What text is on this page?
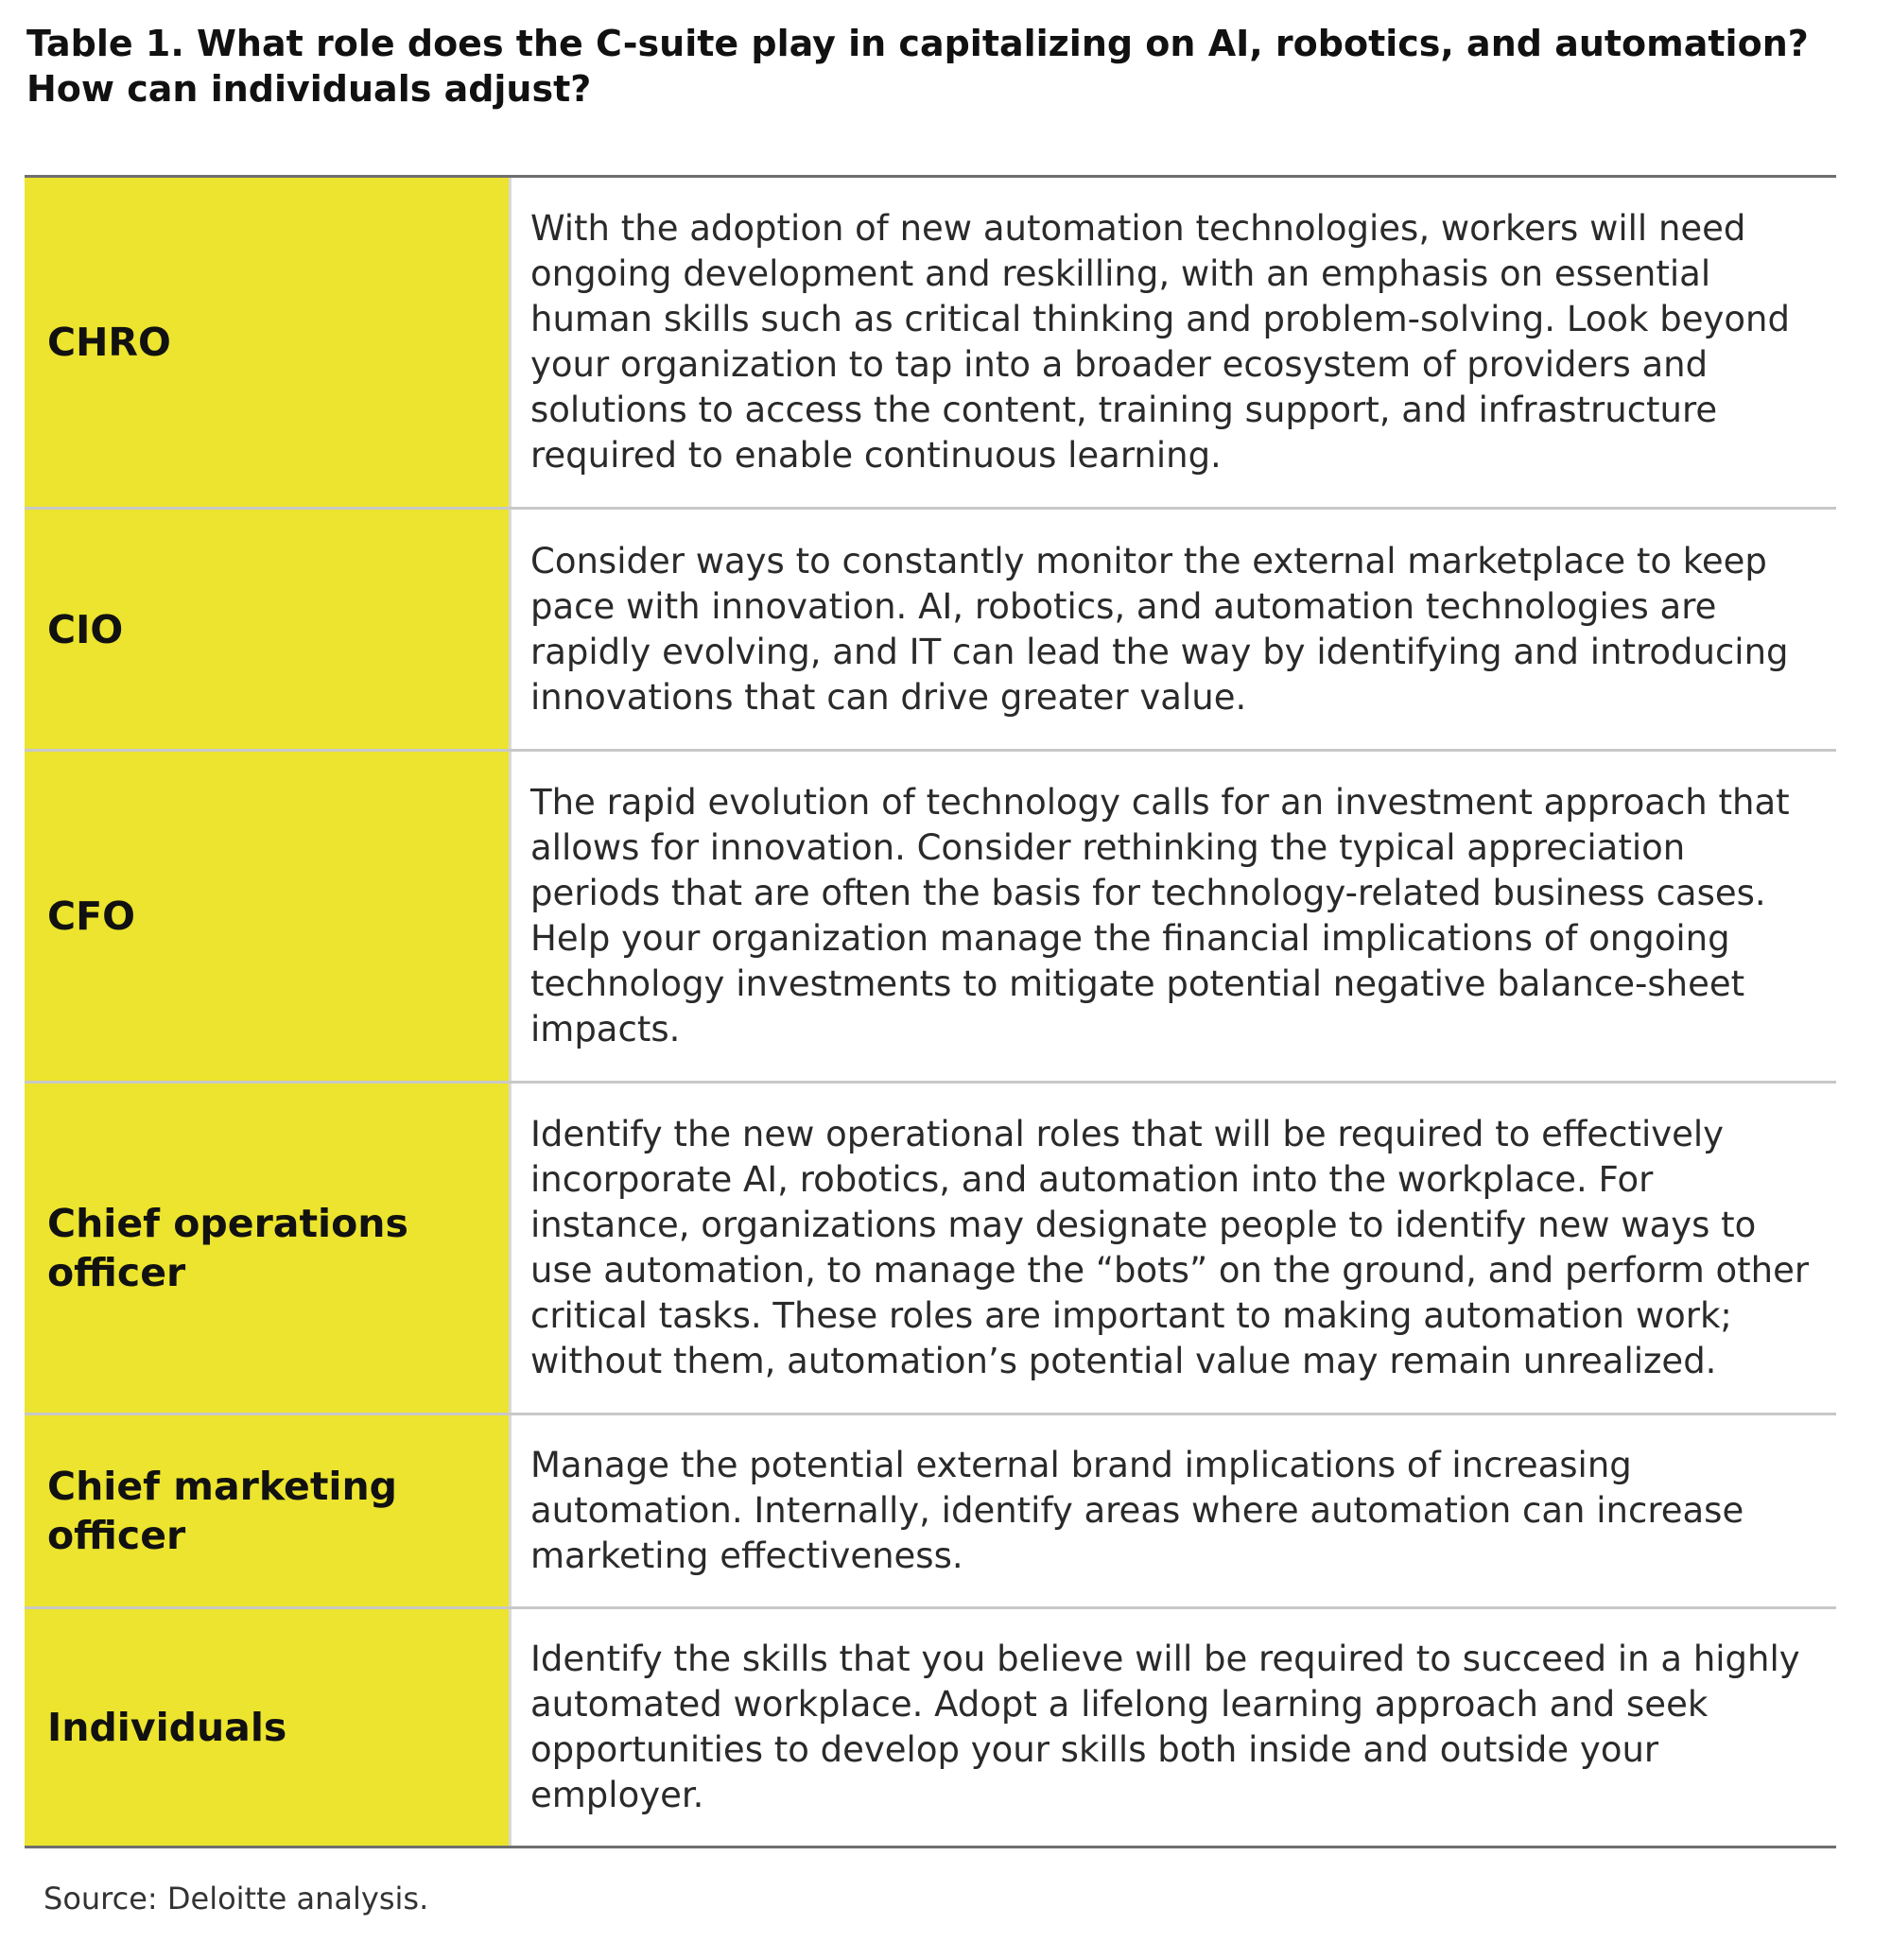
Table 1. What role does the C-suite play in capitalizing on AI, robotics, and automation? How can individuals adjust?
CHRO
With the adoption of new automation technologies, workers will need ongoing development and reskilling, with an emphasis on essential human skills such as critical thinking and problem-solving. Look beyond your organization to tap into a broader ecosystem of providers and solutions to access the content, training support, and infrastructure required to enable continuous learning.
CIO
Consider ways to constantly monitor the external marketplace to keep pace with innovation. AI, robotics, and automation technologies are rapidly evolving, and IT can lead the way by identifying and introducing innovations that can drive greater value.
CFO
The rapid evolution of technology calls for an investment approach that allows for innovation. Consider rethinking the typical appreciation periods that are often the basis for technology-related business cases. Help your organization manage the financial implications of ongoing technology investments to mitigate potential negative balance-sheet impacts.
Chief operations officer
Identify the new operational roles that will be required to effectively incorporate AI, robotics, and automation into the workplace. For instance, organizations may designate people to identify new ways to use automation, to manage the “bots” on the ground, and perform other critical tasks. These roles are important to making automation work; without them, automation’s potential value may remain unrealized.
Chief marketing officer
Manage the potential external brand implications of increasing automation. Internally, identify areas where automation can increase marketing effectiveness.
Individuals
Identify the skills that you believe will be required to succeed in a highly automated workplace. Adopt a lifelong learning approach and seek opportunities to develop your skills both inside and outside your employer.
Source: Deloitte analysis.
